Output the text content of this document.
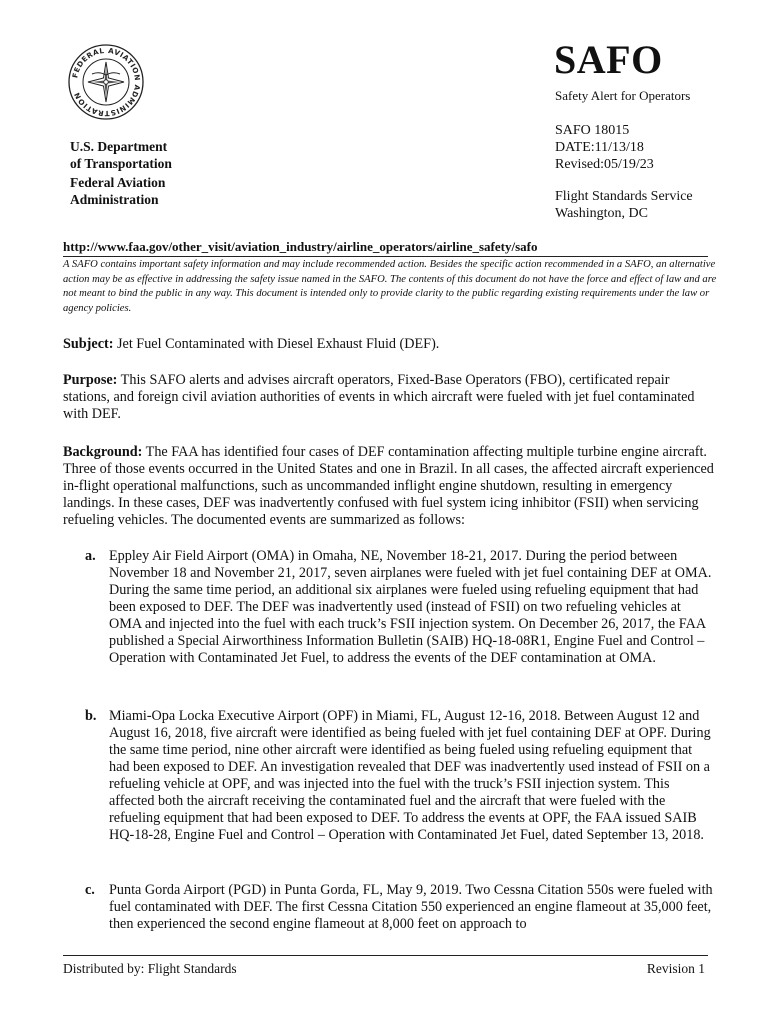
FEDERAL AVIATION ADMINISTRATION
SAFO
Safety Alert for Operators
SAFO 18015
DATE:11/13/18
Revised:05/19/23
Flight Standards Service
Washington, DC
U.S. Department
of Transportation
Federal Aviation
Administration
http://www.faa.gov/other_visit/aviation_industry/airline_operators/airline_safety/safo
A SAFO contains important safety information and may include recommended action. Besides the specific action recommended in a SAFO, an alternative action may be as effective in addressing the safety issue named in the SAFO. The contents of this document do not have the force and effect of law and are not meant to bind the public in any way. This document is intended only to provide clarity to the public regarding existing requirements under the law or agency policies.
Subject: Jet Fuel Contaminated with Diesel Exhaust Fluid (DEF).
Purpose: This SAFO alerts and advises aircraft operators, Fixed-Base Operators (FBO), certificated repair stations, and foreign civil aviation authorities of events in which aircraft were fueled with jet fuel contaminated with DEF.
Background: The FAA has identified four cases of DEF contamination affecting multiple turbine engine aircraft. Three of those events occurred in the United States and one in Brazil. In all cases, the affected aircraft experienced in-flight operational malfunctions, such as uncommanded inflight engine shutdown, resulting in emergency landings. In these cases, DEF was inadvertently confused with fuel system icing inhibitor (FSII) when servicing refueling vehicles. The documented events are summarized as follows:
a. Eppley Air Field Airport (OMA) in Omaha, NE, November 18-21, 2017. During the period between November 18 and November 21, 2017, seven airplanes were fueled with jet fuel containing DEF at OMA. During the same time period, an additional six airplanes were fueled using refueling equipment that had been exposed to DEF. The DEF was inadvertently used (instead of FSII) on two refueling vehicles at OMA and injected into the fuel with each truck’s FSII injection system. On December 26, 2017, the FAA published a Special Airworthiness Information Bulletin (SAIB) HQ-18-08R1, Engine Fuel and Control – Operation with Contaminated Jet Fuel, to address the events of the DEF contamination at OMA.
b. Miami-Opa Locka Executive Airport (OPF) in Miami, FL, August 12-16, 2018. Between August 12 and August 16, 2018, five aircraft were identified as being fueled with jet fuel containing DEF at OPF. During the same time period, nine other aircraft were identified as being fueled using refueling equipment that had been exposed to DEF. An investigation revealed that DEF was inadvertently used instead of FSII on a refueling vehicle at OPF, and was injected into the fuel with the truck’s FSII injection system. This affected both the aircraft receiving the contaminated fuel and the aircraft that were fueled with the refueling equipment that had been exposed to DEF. To address the events at OPF, the FAA issued SAIB HQ-18-28, Engine Fuel and Control – Operation with Contaminated Jet Fuel, dated September 13, 2018.
c. Punta Gorda Airport (PGD) in Punta Gorda, FL, May 9, 2019. Two Cessna Citation 550s were fueled with fuel contaminated with DEF. The first Cessna Citation 550 experienced an engine flameout at 35,000 feet, then experienced the second engine flameout at 8,000 feet on approach to
Distributed by: Flight Standards	Revision 1
